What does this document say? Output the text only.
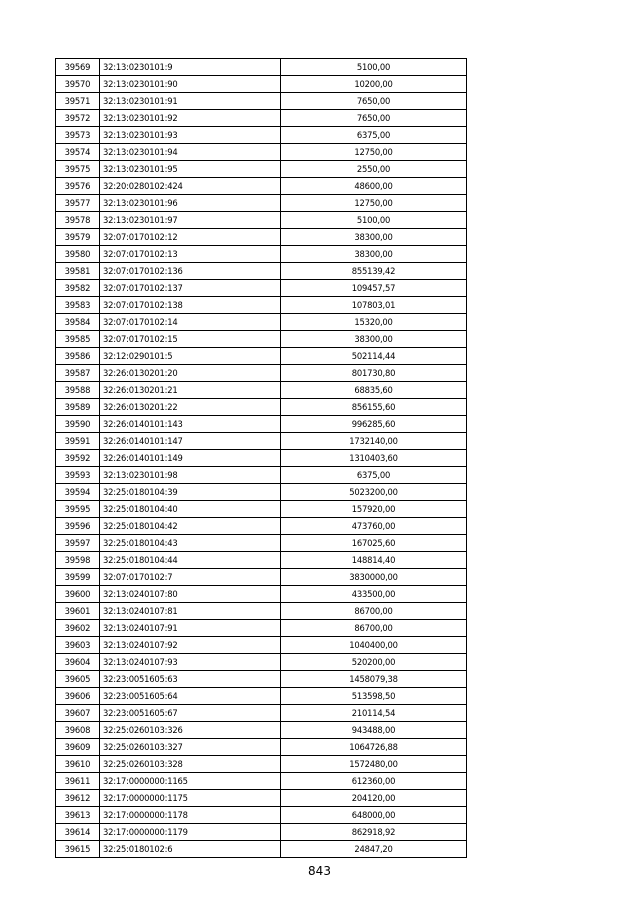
39569	32:13:0230101:9	5100,00
39570	32:13:0230101:90	10200,00
39571	32:13:0230101:91	7650,00
39572	32:13:0230101:92	7650,00
39573	32:13:0230101:93	6375,00
39574	32:13:0230101:94	12750,00
39575	32:13:0230101:95	2550,00
39576	32:20:0280102:424	48600,00
39577	32:13:0230101:96	12750,00
39578	32:13:0230101:97	5100,00
39579	32:07:0170102:12	38300,00
39580	32:07:0170102:13	38300,00
39581	32:07:0170102:136	855139,42
39582	32:07:0170102:137	109457,57
39583	32:07:0170102:138	107803,01
39584	32:07:0170102:14	15320,00
39585	32:07:0170102:15	38300,00
39586	32:12:0290101:5	502114,44
39587	32:26:0130201:20	801730,80
39588	32:26:0130201:21	68835,60
39589	32:26:0130201:22	856155,60
39590	32:26:0140101:143	996285,60
39591	32:26:0140101:147	1732140,00
39592	32:26:0140101:149	1310403,60
39593	32:13:0230101:98	6375,00
39594	32:25:0180104:39	5023200,00
39595	32:25:0180104:40	157920,00
39596	32:25:0180104:42	473760,00
39597	32:25:0180104:43	167025,60
39598	32:25:0180104:44	148814,40
39599	32:07:0170102:7	3830000,00
39600	32:13:0240107:80	433500,00
39601	32:13:0240107:81	86700,00
39602	32:13:0240107:91	86700,00
39603	32:13:0240107:92	1040400,00
39604	32:13:0240107:93	520200,00
39605	32:23:0051605:63	1458079,38
39606	32:23:0051605:64	513598,50
39607	32:23:0051605:67	210114,54
39608	32:25:0260103:326	943488,00
39609	32:25:0260103:327	1064726,88
39610	32:25:0260103:328	1572480,00
39611	32:17:0000000:1165	612360,00
39612	32:17:0000000:1175	204120,00
39613	32:17:0000000:1178	648000,00
39614	32:17:0000000:1179	862918,92
39615	32:25:0180102:6	24847,20
843
